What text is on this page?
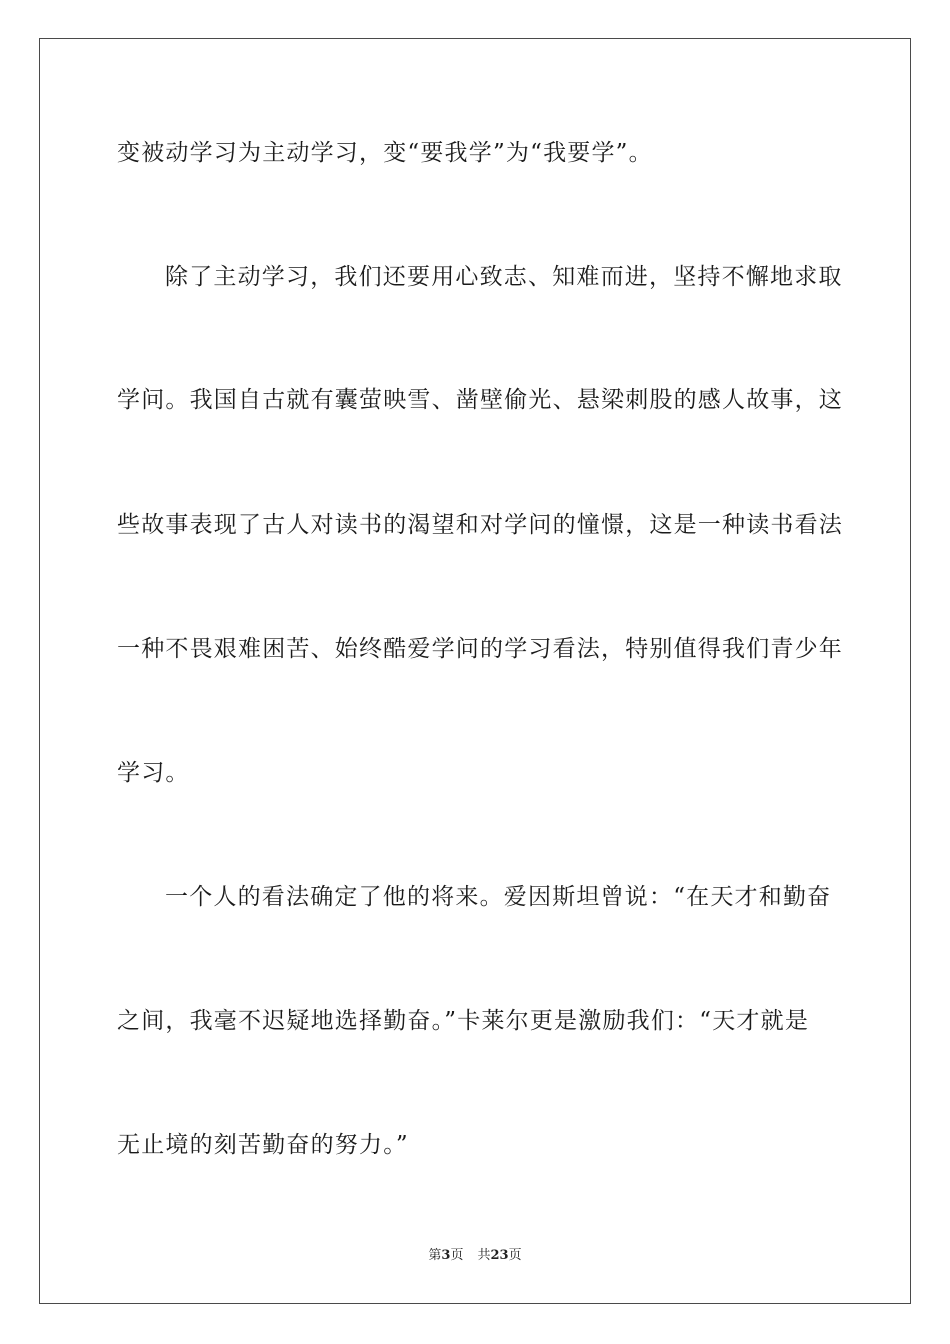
变被动学习为主动学习，变“要我学”为“我要学”。
除了主动学习，我们还要用心致志、知难而进，坚持不懈地求取
学问。我国自古就有囊萤映雪、凿壁偷光、悬梁刺股的感人故事，这
些故事表现了古人对读书的渴望和对学问的憧憬，这是一种读书看法
一种不畏艰难困苦、始终酷爱学问的学习看法，特别值得我们青少年
学习。
一个人的看法确定了他的将来。爱因斯坦曾说：“在天才和勤奋
之间，我毫不迟疑地选择勤奋。”卡莱尔更是激励我们：“天才就是
无止境的刻苦勤奋的努力。”
第3页 共23页
